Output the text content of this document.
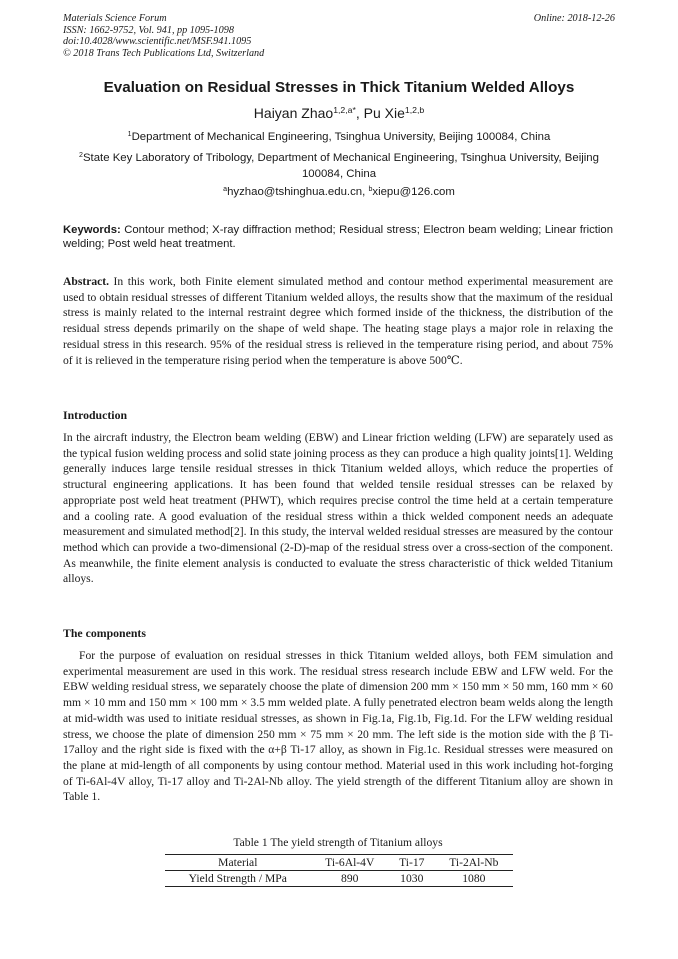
Materials Science Forum
ISSN: 1662-9752, Vol. 941, pp 1095-1098
doi:10.4028/www.scientific.net/MSF.941.1095
© 2018 Trans Tech Publications Ltd, Switzerland
Online: 2018-12-26
Evaluation on Residual Stresses in Thick Titanium Welded Alloys
Haiyan Zhao$^{1,2,a*}$, Pu Xie$^{1,2,b}$
$^1$Department of Mechanical Engineering, Tsinghua University, Beijing 100084, China
$^2$State Key Laboratory of Tribology, Department of Mechanical Engineering, Tsinghua University, Beijing 100084, China
$^a$hyzhao@tshinghua.edu.cn, $^b$xiepu@126.com
Keywords: Contour method; X-ray diffraction method; Residual stress; Electron beam welding; Linear friction welding; Post weld heat treatment.
Abstract. In this work, both Finite element simulated method and contour method experimental measurement are used to obtain residual stresses of different Titanium welded alloys, the results show that the maximum of the residual stress is mainly related to the internal restraint degree which formed inside of the thickness, the distribution of the residual stress depends primarily on the shape of weld shape. The heating stage plays a major role in relaxing the residual stress in this research. 95% of the residual stress is relieved in the temperature rising period, and about 75% of it is relieved in the temperature rising period when the temperature is above 500℃.
Introduction
In the aircraft industry, the Electron beam welding (EBW) and Linear friction welding (LFW) are separately used as the typical fusion welding process and solid state joining process as they can produce a high quality joints[1]. Welding generally induces large tensile residual stresses in thick Titanium welded alloys, which reduce the properties of structural engineering applications. It has been found that welded tensile residual stresses can be relaxed by appropriate post weld heat treatment (PHWT), which requires precise control the time held at a certain temperature and a cooling rate. A good evaluation of the residual stress within a thick welded component needs an adequate measurement and simulated method[2]. In this study, the interval welded residual stresses are measured by the contour method which can provide a two-dimensional (2-D)-map of the residual stress over a cross-section of the component. As meanwhile, the finite element analysis is conducted to evaluate the stress characteristic of thick welded Titanium alloys.
The components
For the purpose of evaluation on residual stresses in thick Titanium welded alloys, both FEM simulation and experimental measurement are used in this work. The residual stress research include EBW and LFW weld. For the EBW welding residual stress, we separately choose the plate of dimension 200 mm × 150 mm × 50 mm, 160 mm × 60 mm × 10 mm and 150 mm × 100 mm × 3.5 mm welded plate. A fully penetrated electron beam welds along the length at mid-width was used to initiate residual stresses, as shown in Fig.1a, Fig.1b, Fig.1d. For the LFW welding residual stress, we choose the plate of dimension 250 mm × 75 mm × 20 mm. The left side is the motion side with the β Ti-17alloy and the right side is fixed with the α+β Ti-17 alloy, as shown in Fig.1c. Residual stresses were measured on the plane at mid-length of all components by using contour method. Material used in this work including hot-forging of Ti-6Al-4V alloy, Ti-17 alloy and Ti-2Al-Nb alloy. The yield strength of the different Titanium alloy are shown in Table 1.
Table 1 The yield strength of Titanium alloys
Material	Ti-6Al-4V	Ti-17	Ti-2Al-Nb
Yield Strength / MPa	890	1030	1080
